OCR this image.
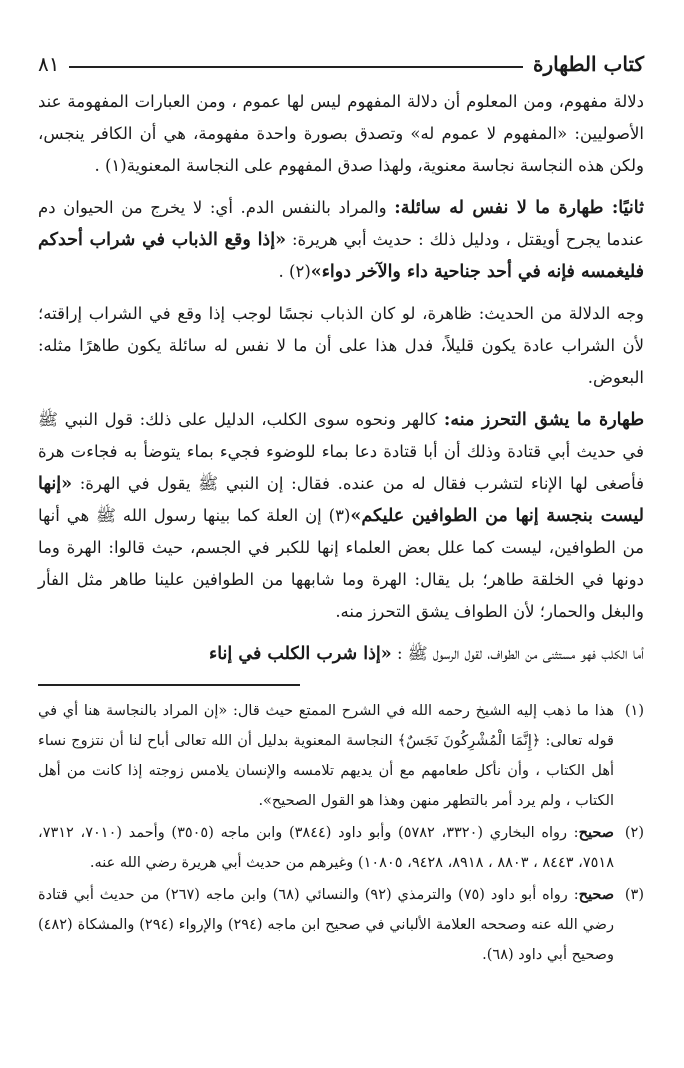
كتاب الطهارة
٨١

دلالة مفهوم، ومن المعلوم أن دلالة المفهوم ليس لها عموم ، ومن العبارات المفهومة عند الأصوليين: «المفهوم لا عموم له» وتصدق بصورة واحدة مفهومة، هي أن الكافر ينجس، ولكن هذه النجاسة نجاسة معنوية، ولهذا صدق المفهوم على النجاسة المعنوية(١) .

ثانيًا: طهارة ما لا نفس له سائلة: والمراد بالنفس الدم. أي: لا يخرج من الحيوان دم عندما يجرح أويقتل ، ودليل ذلك : حديث أبي هريرة: «إذا وقع الذباب في شراب أحدكم فليغمسه فإنه في أحد جناحية داء والآخر دواء»(٢) .

وجه الدلالة من الحديث: ظاهرة، لو كان الذباب نجسًا لوجب إذا وقع في الشراب إراقته؛ لأن الشراب عادة يكون قليلاً، فدل هذا على أن ما لا نفس له سائلة يكون طاهرًا مثله: البعوض.

طهارة ما يشق التحرز منه: كالهر ونحوه سوى الكلب، الدليل على ذلك: قول النبي ﷺ في حديث أبي قتادة وذلك أن أبا قتادة دعا بماء للوضوء فجيء بماء يتوضأ به فجاءت هرة فأصغى لها الإناء لتشرب فقال له من عنده. فقال: إن النبي ﷺ يقول في الهرة: «إنها ليست بنجسة إنها من الطوافين عليكم»(٣) إن العلة كما بينها رسول الله ﷺ هي أنها من الطوافين، ليست كما علل بعض العلماء إنها للكبر في الجسم، حيث قالوا: الهرة وما دونها في الخلقة طاهر؛ بل يقال: الهرة وما شابهها من الطوافين علينا طاهر مثل الفأر والبغل والحمار؛ لأن الطواف يشق التحرز منه.

أما الكلب فهو مستثنى من الطواف، لقول الرسول ﷺ : «إذا شرب الكلب في إناء

(١)
هذا ما ذهب إليه الشيخ رحمه الله في الشرح الممتع حيث قال: «إن المراد بالنجاسة هنا أي في قوله تعالى: ﴿إِنَّمَا الْمُشْرِكُونَ نَجَسٌ﴾ النجاسة المعنوية بدليل أن الله تعالى أباح لنا أن نتزوج نساء أهل الكتاب ، وأن نأكل طعامهم مع أن يديهم تلامسه والإنسان يلامس زوجته إذا كانت من أهل الكتاب ، ولم يرد أمر بالتطهر منهن وهذا هو القول الصحيح».
(٢)
صحيح: رواه البخاري (٣٣٢٠، ٥٧٨٢) وأبو داود (٣٨٤٤) وابن ماجه (٣٥٠٥) وأحمد (٧٠١٠، ٧٣١٢، ٧٥١٨، ٨٤٤٣ ، ٨٨٠٣ ، ٨٩١٨، ٩٤٢٨، ١٠٨٠٥) وغيرهم من حديث أبي هريرة رضي الله عنه.
(٣)
صحيح: رواه أبو داود (٧٥) والترمذي (٩٢) والنسائي (٦٨) وابن ماجه (٢٦٧) من حديث أبي قتادة رضي الله عنه وصححه العلامة الألباني في صحيح ابن ماجه (٢٩٤) والإرواء (٢٩٤) والمشكاة (٤٨٢) وصحيح أبي داود (٦٨).
